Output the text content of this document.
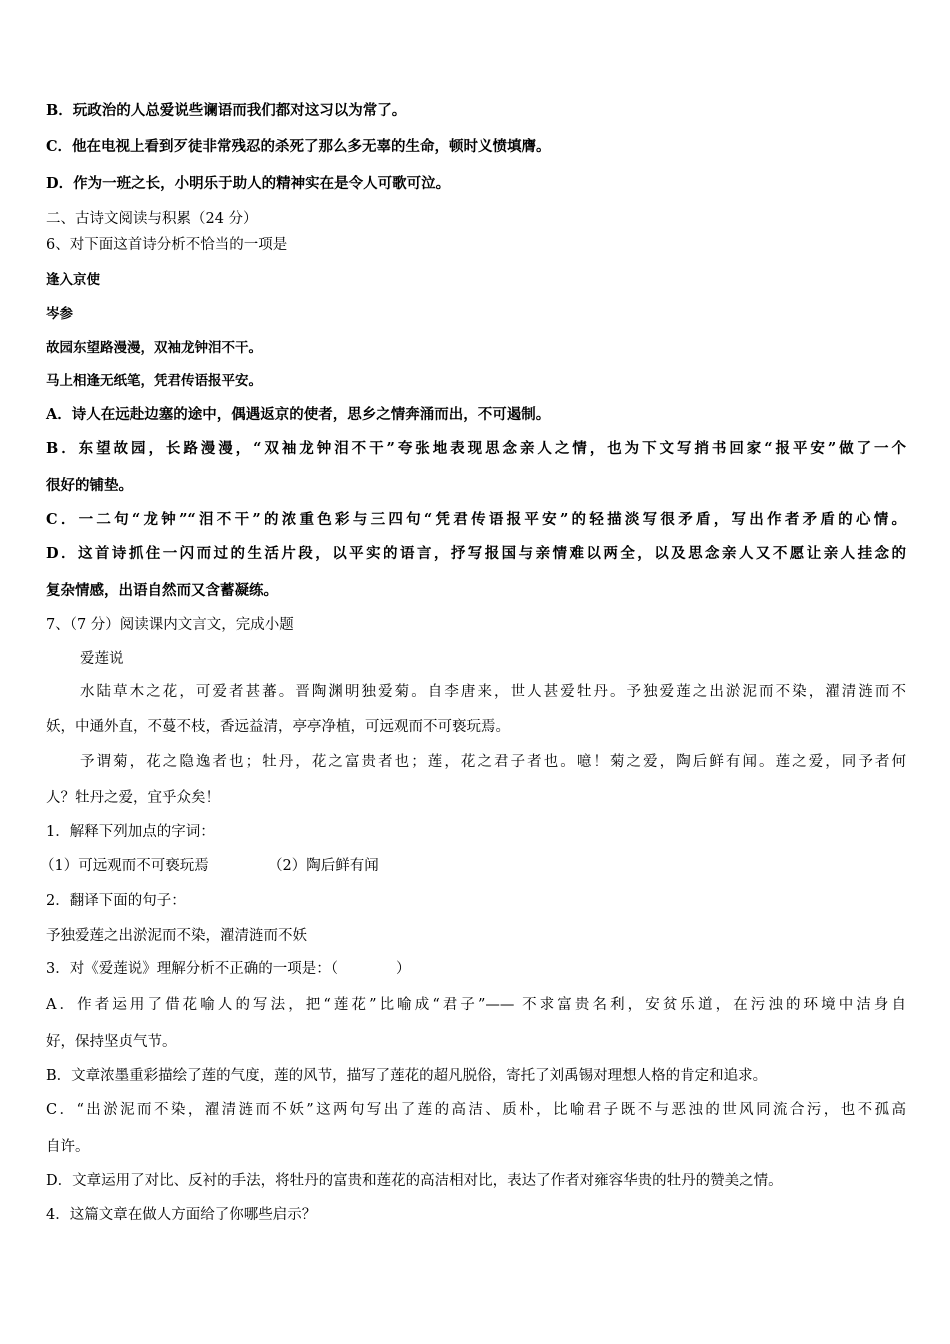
B．玩政治的人总爱说些谰语而我们都对这习以为常了。
C．他在电视上看到歹徒非常残忍的杀死了那么多无辜的生命，顿时义愤填膺。
D．作为一班之长，小明乐于助人的精神实在是令人可歌可泣。
二、古诗文阅读与积累（24 分）
6、对下面这首诗分析不恰当的一项是
逢入京使
岑参
故园东望路漫漫，双袖龙钟泪不干。
马上相逢无纸笔，凭君传语报平安。
A．诗人在远赴边塞的途中，偶遇返京的使者，思乡之情奔涌而出，不可遏制。
B．东望故园，长路漫漫，“双袖龙钟泪不干”夸张地表现思念亲人之情，也为下文写捎书回家“报平安”做了一个
很好的铺垫。
C．一二句“龙钟”“泪不干”的浓重色彩与三四句“凭君传语报平安”的轻描淡写很矛盾，写出作者矛盾的心情。
D．这首诗抓住一闪而过的生活片段，以平实的语言，抒写报国与亲情难以两全，以及思念亲人又不愿让亲人挂念的
复杂情感，出语自然而又含蓄凝练。
7、（7 分）阅读课内文言文，完成小题
爱莲说
水陆草木之花，可爱者甚蕃。晋陶渊明独爱菊。自李唐来，世人甚爱牡丹。予独爱莲之出淤泥而不染，濯清涟而不
妖，中通外直，不蔓不枝，香远益清，亭亭净植，可远观而不可亵玩焉。
予谓菊，花之隐逸者也；牡丹，花之富贵者也；莲，花之君子者也。噫！菊之爱，陶后鲜有闻。莲之爱，同予者何
人？牡丹之爱，宜乎众矣！
1．解释下列加点的字词：
（1）可远观而不可亵玩焉	（2）陶后鲜有闻
2．翻译下面的句子：
予独爱莲之出淤泥而不染，濯清涟而不妖
3．对《爱莲说》理解分析不正确的一项是：（　　　　）
A．作者运用了借花喻人的写法，把“莲花”比喻成“君子”—— 不求富贵名利，安贫乐道，在污浊的环境中洁身自
好，保持坚贞气节。
B．文章浓墨重彩描绘了莲的气度，莲的风节，描写了莲花的超凡脱俗，寄托了刘禹锡对理想人格的肯定和追求。
C．“出淤泥而不染，濯清涟而不妖”这两句写出了莲的高洁、质朴，比喻君子既不与恶浊的世风同流合污，也不孤高
自许。
D．文章运用了对比、反衬的手法，将牡丹的富贵和莲花的高洁相对比，表达了作者对雍容华贵的牡丹的赞美之情。
4．这篇文章在做人方面给了你哪些启示？
